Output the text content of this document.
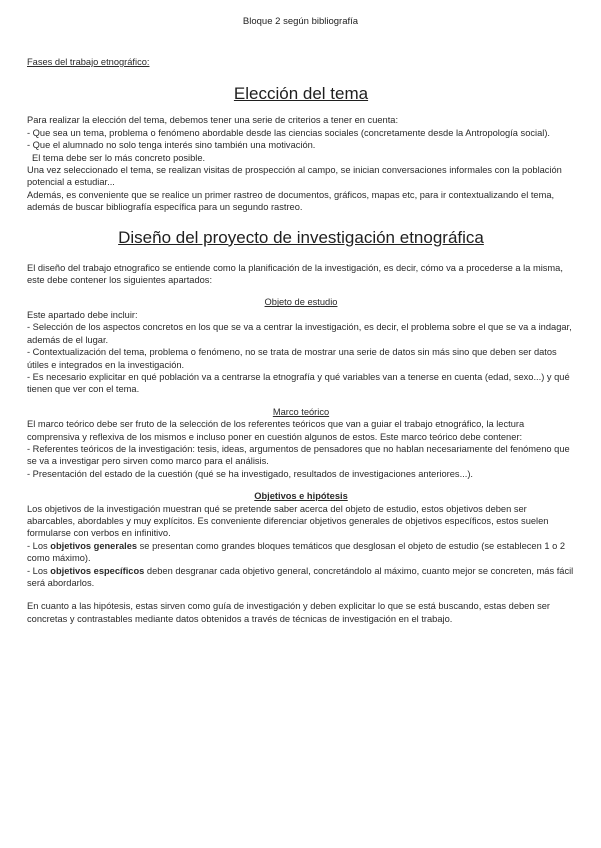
Bloque 2 según bibliografía

Fases del trabajo etnográfico:

Elección del tema

Para realizar la elección del tema, debemos tener una serie de criterios a tener en cuenta:

- Que sea un tema, problema o fenómeno abordable desde las ciencias sociales (concretamente desde la Antropología social).

- Que el alumnado no solo tenga interés sino también una motivación.

El tema debe ser lo más concreto posible.

Una vez seleccionado el tema, se realizan visitas de prospección al campo, se inician conversaciones informales con la población potencial a estudiar...

Además, es conveniente que se realice un primer rastreo de documentos, gráficos, mapas etc, para ir contextualizando el tema, además de buscar bibliografía específica para un segundo rastreo.

Diseño del proyecto de investigación etnográfica

El diseño del trabajo etnografico se entiende como la planificación de la investigación, es decir, cómo va a procederse a la misma, este debe contener los siguientes apartados:

Objeto de estudio

Este apartado debe incluir:

- Selección de los aspectos concretos en los que se va a centrar la investigación, es decir, el problema sobre el que se va a indagar, además de el lugar.

- Contextualización del tema, problema o fenómeno, no se trata de mostrar una serie de datos sin más sino que deben ser datos útiles e integrados en la investigación.

- Es necesario explicitar en qué población va a centrarse la etnografía y qué variables van a tenerse en cuenta (edad, sexo...) y qué tienen que ver con el tema.

Marco teórico

El marco teórico debe ser fruto de la selección de los referentes teóricos que van a guiar el trabajo etnográfico, la lectura comprensiva y reflexiva de los mismos e incluso poner en cuestión algunos de estos. Este marco teórico debe contener:

- Referentes teóricos de la investigación: tesis, ideas, argumentos de pensadores que no hablan necesariamente del fenómeno que se va a investigar pero sirven como marco para el análisis.

- Presentación del estado de la cuestión (qué se ha investigado, resultados de investigaciones anteriores...).

Objetivos e hipótesis

Los objetivos de la investigación muestran qué se pretende saber acerca del objeto de estudio, estos objetivos deben ser abarcables, abordables y muy explícitos. Es conveniente diferenciar objetivos generales de objetivos específicos, estos suelen formularse con verbos en infinitivo.

- Los objetivos generales se presentan como grandes bloques temáticos que desglosan el objeto de estudio (se establecen 1 o 2 como máximo).

- Los objetivos específicos deben desgranar cada objetivo general, concretándolo al máximo, cuanto mejor se concreten, más fácil será abordarlos.

En cuanto a las hipótesis, estas sirven como guía de investigación y deben explicitar lo que se está buscando, estas deben ser concretas y contrastables mediante datos obtenidos a través de técnicas de investigación en el trabajo.
